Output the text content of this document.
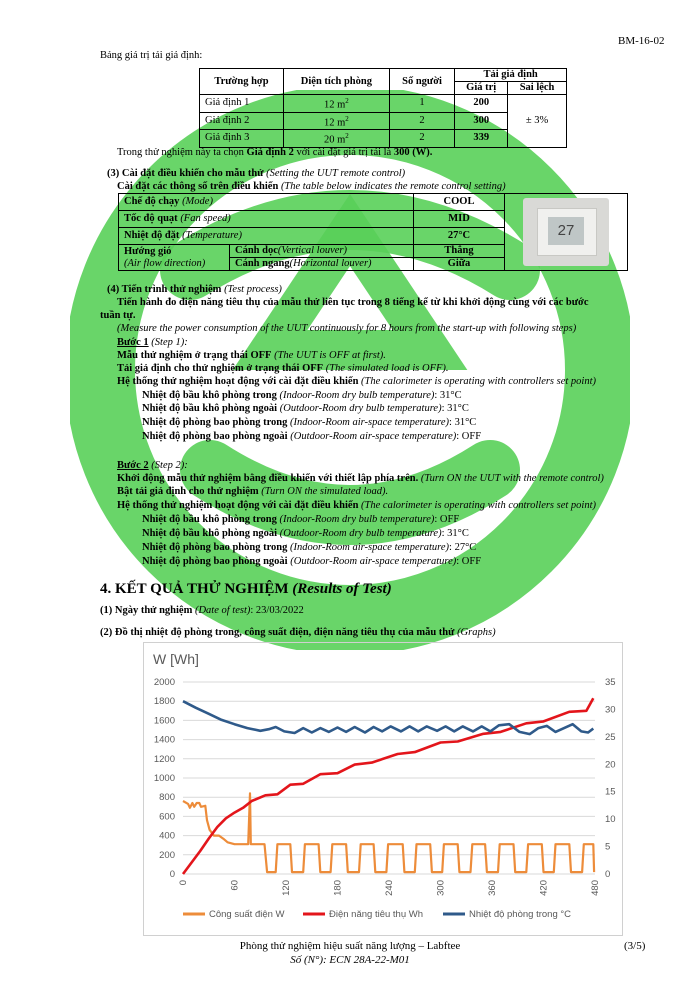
BM-16-02
Bảng giá trị tải giả định:
Trường hợp	Diện tích phòng	Số người	Tải giả định	
			Giá trị	Sai lệch
Giả định 1	12 $m^2$	1	200	± 3%
Giả định 2	12 $m^2$	2	300	
Giả định 3	20 $m^2$	2	339	
Trong thử nghiệm này ta chọn Giả định 2 với cài đặt giá trị tải là 300 (W).
(3) Cài đặt điều khiển cho mẫu thử (Setting the UUT remote control)
Cài đặt các thông số trên điều khiển (The table below indicates the remote control setting)
Chế độ chạy (Mode)		COOL	27

Tốc độ quạt (Fan speed)		MID	
Nhiệt độ đặt (Temperature)		27°C	
Hướng gió
(Air flow direction)	Cánh dọc(Vertical louver)	Thẳng	
	Cánh ngang(Horizontal louver)	Giữa	
(4) Tiến trình thử nghiệm (Test process)
Tiến hành đo điện năng tiêu thụ của mẫu thử liên tục trong 8 tiếng kể từ khi khởi động cùng với các bước
tuần tự.
(Measure the power consumption of the UUT continuously for 8 hours from the start-up with following steps)
Bước 1 (Step 1):
Mẫu thử nghiệm ở trạng thái OFF (The UUT is OFF at first).
Tải giả định cho thử nghiệm ở trạng thái OFF (The simulated load is OFF).
Hệ thống thử nghiệm hoạt động với cài đặt điều khiển (The calorimeter is operating with controllers set point)
Nhiệt độ bầu khô phòng trong (Indoor-Room dry bulb temperature): 31°C
Nhiệt độ bầu khô phòng ngoài (Outdoor-Room dry bulb temperature): 31°C
Nhiệt độ phòng bao phòng trong (Indoor-Room air-space temperature): 31°C
Nhiệt độ phòng bao phòng ngoài (Outdoor-Room air-space temperature): OFF
Bước 2 (Step 2):
Khởi động mẫu thử nghiệm bằng điều khiển với thiết lập phía trên. (Turn ON the UUT with the remote control)
Bật tải giả định cho thử nghiệm (Turn ON the simulated load).
Hệ thống thử nghiệm hoạt động với cài đặt điều khiển (The calorimeter is operating with controllers set point)
Nhiệt độ bầu khô phòng trong (Indoor-Room dry bulb temperature): OFF
Nhiệt độ bầu khô phòng ngoài (Outdoor-Room dry bulb temperature): 31°C
Nhiệt độ phòng bao phòng trong (Indoor-Room air-space temperature): 27°C
Nhiệt độ phòng bao phòng ngoài (Outdoor-Room air-space temperature): OFF
4. KẾT QUẢ THỬ NGHIỆM (Results of Test)
(1) Ngày thử nghiệm (Date of test): 23/03/2022
(2) Đồ thị nhiệt độ phòng trong, công suất điện, điện năng tiêu thụ của mẫu thử (Graphs)
W [Wh]
0
200
400
600
800
1000
1200
1400
1600
1800
2000
0
5
10
15
20
25
30
35
0	60	120	180	240	300	360	420	480
Công suất điện W	Điện năng tiêu thụ Wh	Nhiệt độ phòng trong °C
Phòng thử nghiệm hiệu suất năng lượng – Labftee	(3/5)
Số (N°): ECN 28A-22-M01
